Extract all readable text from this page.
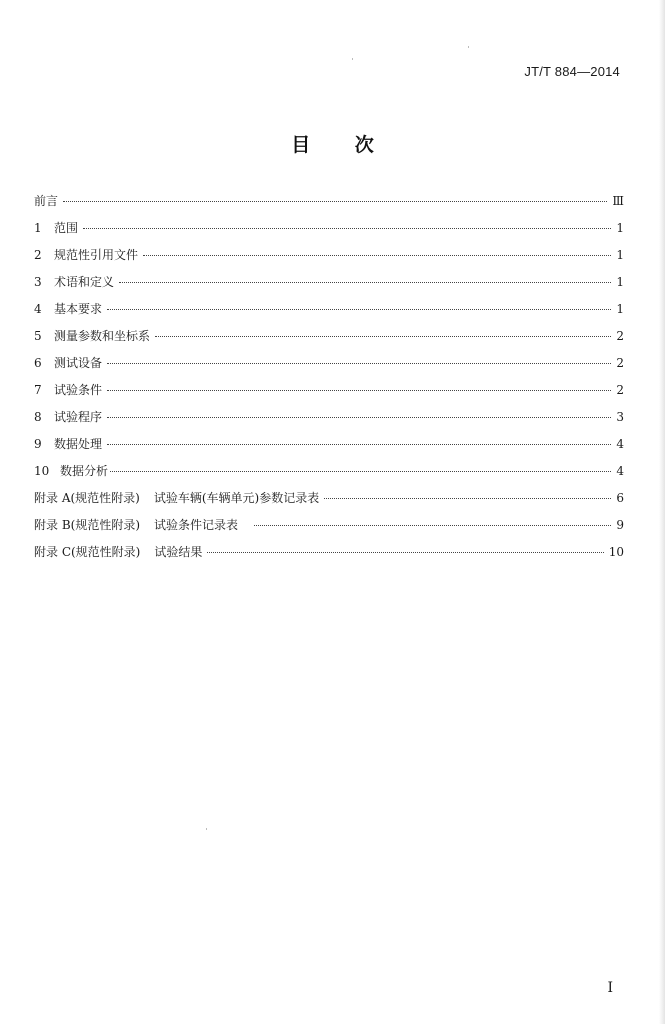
JT/T 884—2014
目 次
前言	Ⅲ
1	范围	1
2	规范性引用文件	1
3	术语和定义	1
4	基本要求	1
5	测量参数和坐标系	2
6	测试设备	2
7	试验条件	2
8	试验程序	3
9	数据处理	4
10 数据分析	4
附录 A(规范性附录) 试验车辆(车辆单元)参数记录表	6
附录 B(规范性附录) 试验条件记录表	9
附录 C(规范性附录) 试验结果	10
I
